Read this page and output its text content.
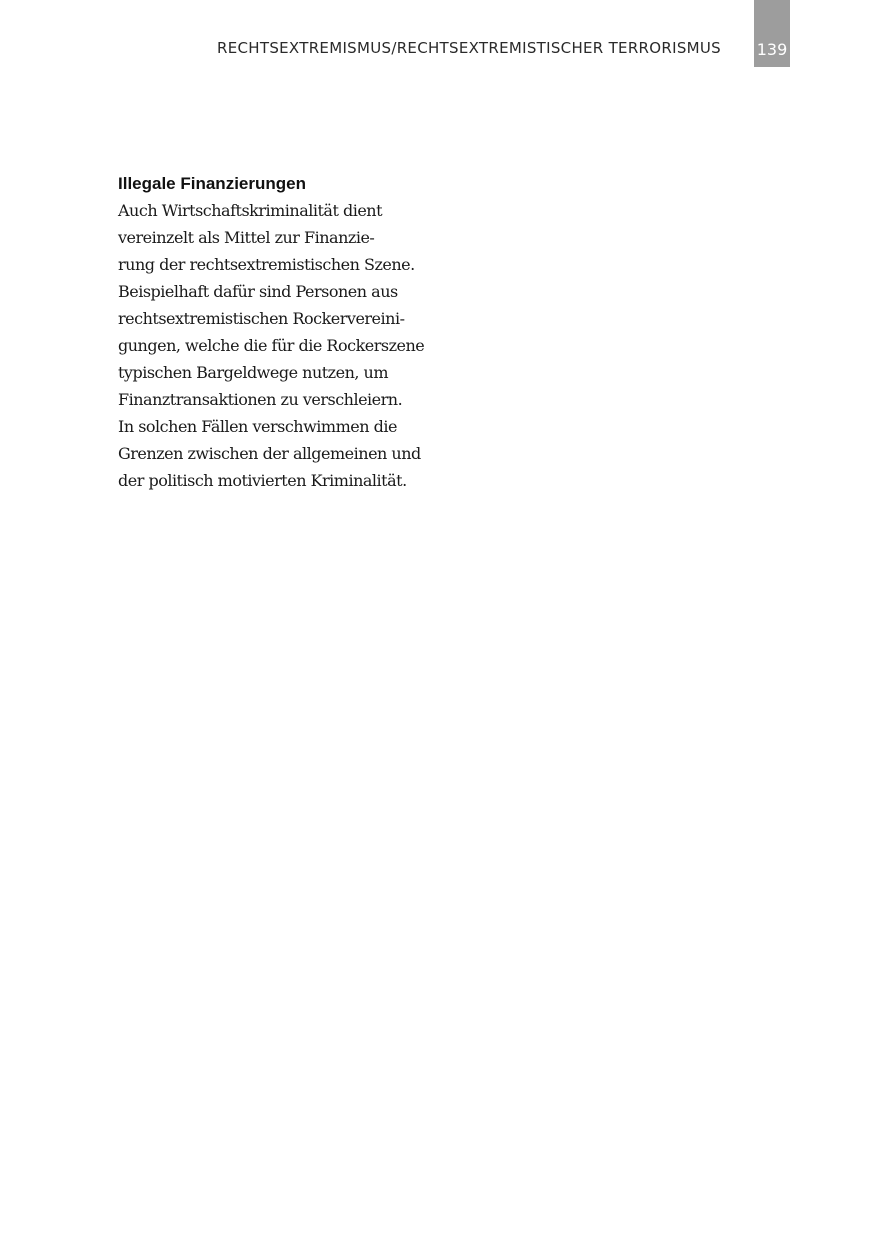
RECHTSEXTREMISMUS/RECHTSEXTREMISTISCHER TERRORISMUS 139
Illegale Finanzierungen
Auch Wirtschaftskriminalität dient
vereinzelt als Mittel zur Finanzie-
rung der rechtsextremistischen Szene.
Beispielhaft dafür sind Personen aus
rechtsextremistischen Rockervereini-
gungen, welche die für die Rockerszene
typischen Bargeldwege nutzen, um
Finanztransaktionen zu verschleiern.
In solchen Fällen verschwimmen die
Grenzen zwischen der allgemeinen und
der politisch motivierten Kriminalität.
